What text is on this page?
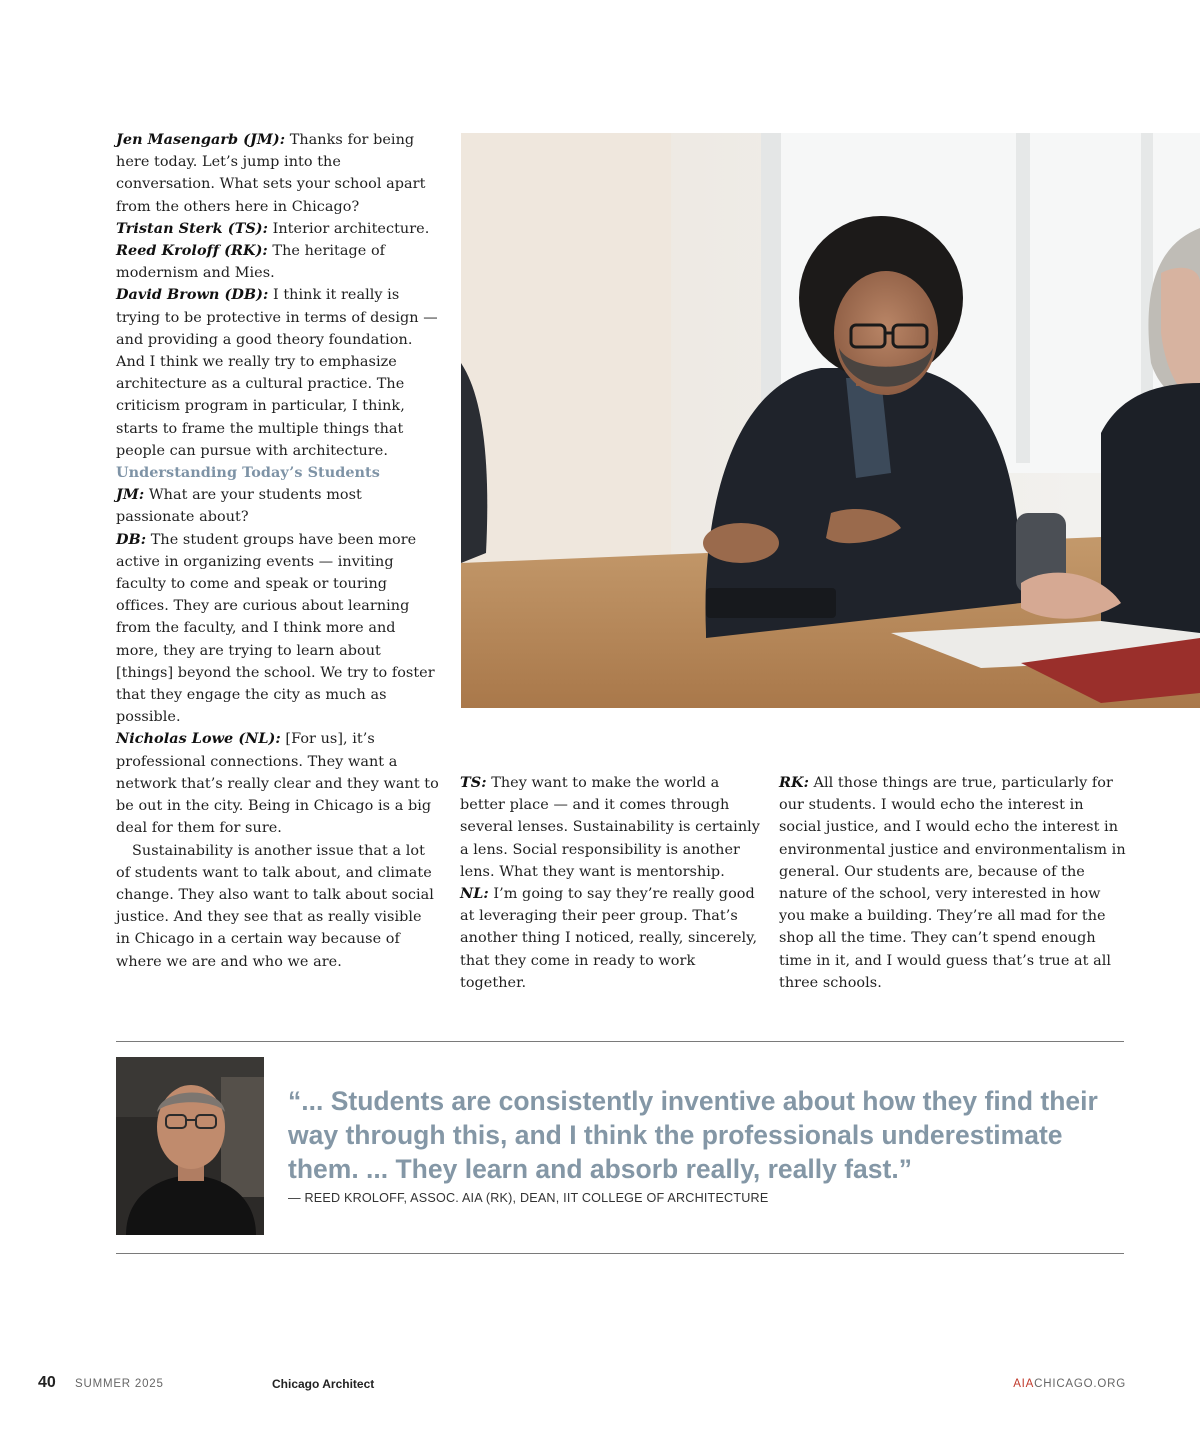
Jen Masengarb (JM): Thanks for being here today. Let’s jump into the conversation. What sets your school apart from the others here in Chicago?

Tristan Sterk (TS): Interior architecture.

Reed Kroloff (RK): The heritage of modernism and Mies.

David Brown (DB): I think it really is trying to be protective in terms of design — and providing a good theory foundation. And I think we really try to emphasize architecture as a cultural practice. The criticism program in particular, I think, starts to frame the multiple things that people can pursue with architecture.

Understanding Today’s Students

JM: What are your students most passionate about?

DB: The student groups have been more active in organizing events — inviting faculty to come and speak or touring offices. They are curious about learning from the faculty, and I think more and more, they are trying to learn about [things] beyond the school. We try to foster that they engage the city as much as possible.

Nicholas Lowe (NL): [For us], it’s professional connections. They want a network that’s really clear and they want to be out in the city. Being in Chicago is a big deal for them for sure.

Sustainability is another issue that a lot of students want to talk about, and climate change. They also want to talk about social justice. And they see that as really visible in Chicago in a certain way because of where we are and who we are.

TS: They want to make the world a better place — and it comes through several lenses. Sustainability is certainly a lens. Social responsibility is another lens. What they want is mentorship.

NL: I’m going to say they’re really good at leveraging their peer group. That’s another thing I noticed, really, sincerely, that they come in ready to work together.

RK: All those things are true, particularly for our students. I would echo the interest in social justice, and I would echo the interest in environmental justice and environmentalism in general. Our students are, because of the nature of the school, very interested in how you make a building. They’re all mad for the shop all the time. They can’t spend enough time in it, and I would guess that’s true at all three schools.

“... Students are consistently inventive about how they find their way through this, and I think the professionals underestimate them. ... They learn and absorb really, really fast.”

— REED KROLOFF, ASSOC. AIA (RK), DEAN, IIT COLLEGE OF ARCHITECTURE
40 SUMMER 2025	Chicago Architect	AIACHICAGO.ORG
